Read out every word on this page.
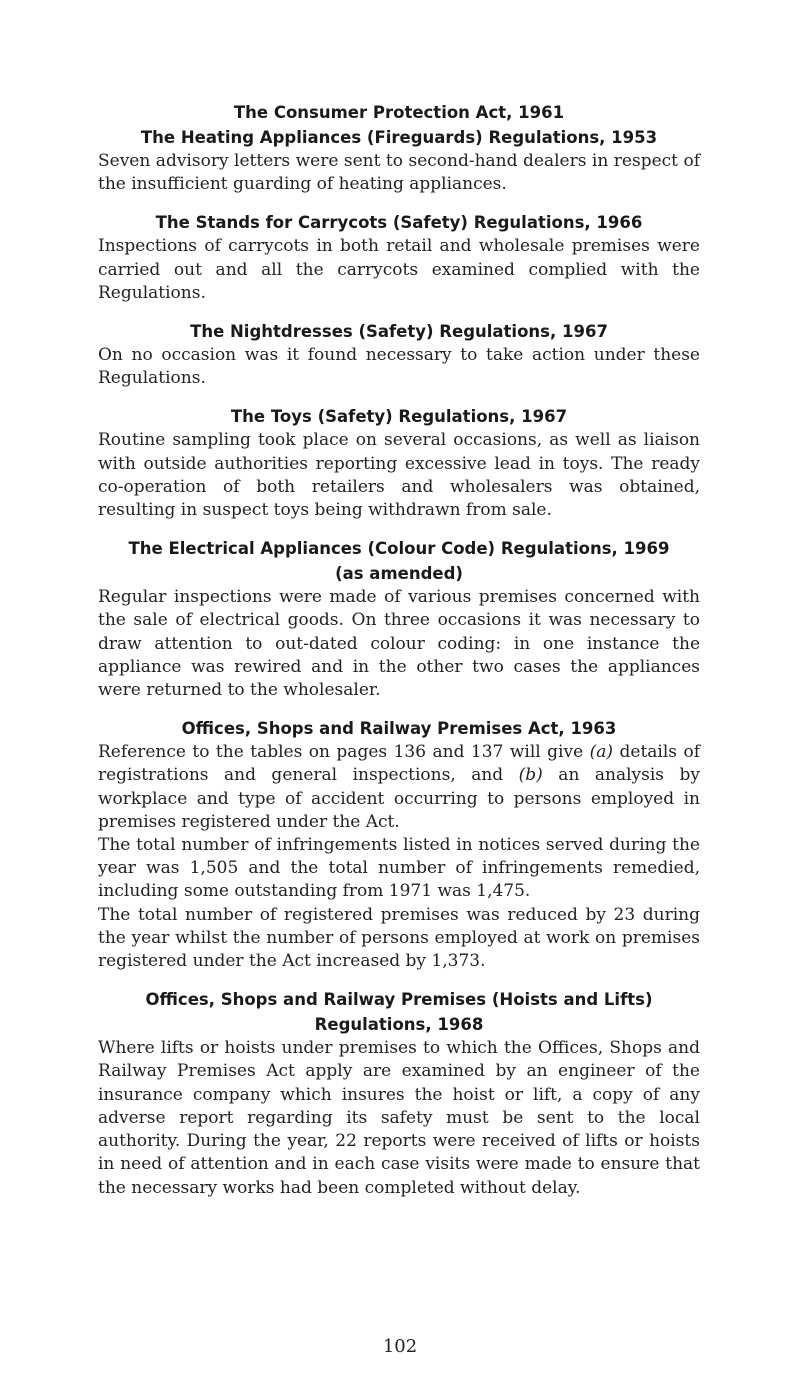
The Consumer Protection Act, 1961
The Heating Appliances (Fireguards) Regulations, 1953

Seven advisory letters were sent to second-hand dealers in respect of the insufficient guarding of heating appliances.

The Stands for Carrycots (Safety) Regulations, 1966

Inspections of carrycots in both retail and wholesale premises were carried out and all the carrycots examined complied with the Regulations.

The Nightdresses (Safety) Regulations, 1967

On no occasion was it found necessary to take action under these Regulations.

The Toys (Safety) Regulations, 1967

Routine sampling took place on several occasions, as well as liaison with outside authorities reporting excessive lead in toys. The ready co-operation of both retailers and wholesalers was obtained, resulting in suspect toys being withdrawn from sale.

The Electrical Appliances (Colour Code) Regulations, 1969
(as amended)

Regular inspections were made of various premises concerned with the sale of electrical goods. On three occasions it was necessary to draw attention to out-dated colour coding: in one instance the appliance was rewired and in the other two cases the appliances were returned to the wholesaler.

Offices, Shops and Railway Premises Act, 1963

Reference to the tables on pages 136 and 137 will give (a) details of registrations and general inspections, and (b) an analysis by workplace and type of accident occurring to persons employed in premises registered under the Act.

The total number of infringements listed in notices served during the year was 1,505 and the total number of infringements remedied, including some outstanding from 1971 was 1,475.

The total number of registered premises was reduced by 23 during the year whilst the number of persons employed at work on premises registered under the Act increased by 1,373.

Offices, Shops and Railway Premises (Hoists and Lifts)
Regulations, 1968

Where lifts or hoists under premises to which the Offices, Shops and Railway Premises Act apply are examined by an engineer of the insurance company which insures the hoist or lift, a copy of any adverse report regarding its safety must be sent to the local authority. During the year, 22 reports were received of lifts or hoists in need of attention and in each case visits were made to ensure that the necessary works had been completed without delay.

102
